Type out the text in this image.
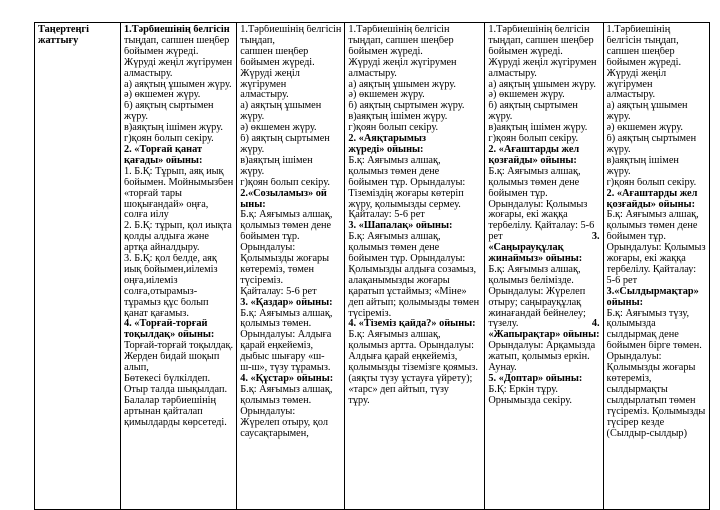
Таңертеңгі жаттығу

1.Тәрбиешінің белгісін
тыңдап, сапшен шеңбер
бойымен жүреді.
Жүруді жеңіл жүгірумен
алмастыру.
а) аяқтың ұшымен жүру.
ә) өкшемен жүру.
б) аяқтың сыртымен
жүру.
в)аяқтың ішімен жүру.
г)қоян болып секіру.
2. «Торғай қанат
қағады» ойыны:
1. Б.Қ: Тұрып, аяқ иық
бойымен. Мойнымызбен
«торғай тары
шоқығандай» оңға,
солға иілу
2. Б.Қ: тұрып, қол иықта
қолды алдыға және
артқа айналдыру.
3. Б.Қ: қол белде, аяқ
иық бойымен,иілеміз
оңға,иілеміз
солға,отырамыз-
тұрамыз құс болып
қанат қағамыз.
4. «Торғай-торғай
тоқылдақ» ойыны:
Торғай-торғай тоқылдақ.
Жерден бидай шоқып
алып,
Бөтекесі бүлкілдеп.
Отыр талда шықылдап.
Балалар тәрбиешінің
артынан қайталап
қимылдарды көрсетеді.

1.Тәрбиешінің белгісін
тыңдап,
сапшен шеңбер
бойымен жүреді.
Жүруді жеңіл
жүгірумен
алмастыру.
а) аяқтың ұшымен
жүру.
ә) өкшемен жүру.
б) аяқтың сыртымен
жүру.
в)аяқтың ішімен
жүру.
г)қоян болып секіру.
2.«Созыламыз» ой
ыны:
Б.қ: Аяғымыз алшақ,
қолымыз төмен дене
бойымен тұр.
Орындалуы:
Қолымызды жоғары
көтереміз, төмен
түсіреміз.
Қайталау: 5-6 рет
3. «Қаздар» ойыны:
Б.қ: Аяғымыз алшақ,
қолымыз төмен.
Орындалуы: Алдыға
қарай еңкейеміз,
дыбыс шығару «ш-
ш-ш», түзу тұрамыз.
4. «Құстар» ойыны:
Б.қ: Аяғымыз алшақ,
қолымыз төмен.
Орындалуы:
Жүрелеп отыру, қол
саусақтарымен,

1.Тәрбиешінің белгісін
тыңдап, сапшен шеңбер
бойымен жүреді.
Жүруді жеңіл жүгірумен
алмастыру.
а) аяқтың ұшымен жүру.
ә) өкшемен жүру.
б) аяқтың сыртымен жүру.
в)аяқтың ішімен жүру.
г)қоян болып секіру.
2. «Аяқтарымыз
жүреді» ойыны:
Б.қ: Аяғымыз алшақ,
қолымыз төмен дене
бойымен тұр. Орындалуы:
Тіземіздің жоғары көтеріп
жүру, қолымызды сермеу.
Қайталау: 5-6 рет
3. «Шапалақ» ойыны:
Б.қ: Аяғымыз алшақ,
қолымыз төмен дене
бойымен тұр. Орындалуы:
Қолымызды алдыға созамыз,
алақанымызды жоғары
қаратып ұстаймыз; «Міне»
деп айтып; қолымызды төмен
түсіреміз.
4. «Тіземіз қайда?» ойыны:
Б.қ: Аяғымыз алшақ,
қолымыз артта. Орындалуы:
Алдыға қарай еңкейеміз,
қолымызды тіземізге қоямыз.
(аяқты түзу ұстауға үйрету);
«тарс» деп айтып, түзу
тұру.

1.Тәрбиешінің белгісін
тыңдап, сапшен шеңбер
бойымен жүреді.
Жүруді жеңіл жүгірумен
алмастыру.
а) аяқтың ұшымен жүру.
ә) өкшемен жүру.
б) аяқтың сыртымен
жүру.
в)аяқтың ішімен жүру.
г)қоян болып секіру.
2. «Ағаштарды жел
қозғайды» ойыны:
Б.қ: Аяғымыз алшақ,
қолымыз төмен дене
бойымен тұр.
Орындалуы: Қолымыз
жоғары, екі жаққа
тербелілу. Қайталау: 5-6
рет	3.
«Саңырауқұлақ
жинаймыз» ойыны:
Б.қ: Аяғымыз алшақ,
қолымыз белімізде.
Орындалуы: Жүрелеп
отыру; саңырауқұлақ
жинағандай бейнелеу;
түзелу.	4.
«Жапырақтар» ойыны:
Орындалуы: Арқамызда
жатып, қолымыз еркін.
Аунау.
5. «Доптар» ойыны:
Б.Қ: Еркін тұру.
Орнымызда секіру.

1.Тәрбиешінің
белгісін тыңдап,
сапшен шеңбер
бойымен жүреді.
Жүруді жеңіл
жүгірумен
алмастыру.
а) аяқтың ұшымен
жүру.
ә) өкшемен жүру.
б) аяқтың сыртымен
жүру.
в)аяқтың ішімен
жүру.
г)қоян болып секіру.
2. «Ағаштарды жел
қозғайды» ойыны:
Б.қ: Аяғымыз алшақ,
қолымыз төмен дене
бойымен тұр.
Орындалуы: Қолымыз
жоғары, екі жаққа
тербелілу. Қайталау:
5-6 рет
3.«Сылдырмақтар»
ойыны:
Б.қ: Аяғымыз түзу,
қолымызда
сылдырмақ дене
бойымен бірге төмен.
Орындалуы:
Қолымызды жоғары
көтереміз,
сылдырмақты
сылдырлатып төмен
түсіреміз. Қолымызды
түсірер кезде
(Сылдыр-сылдыр)
